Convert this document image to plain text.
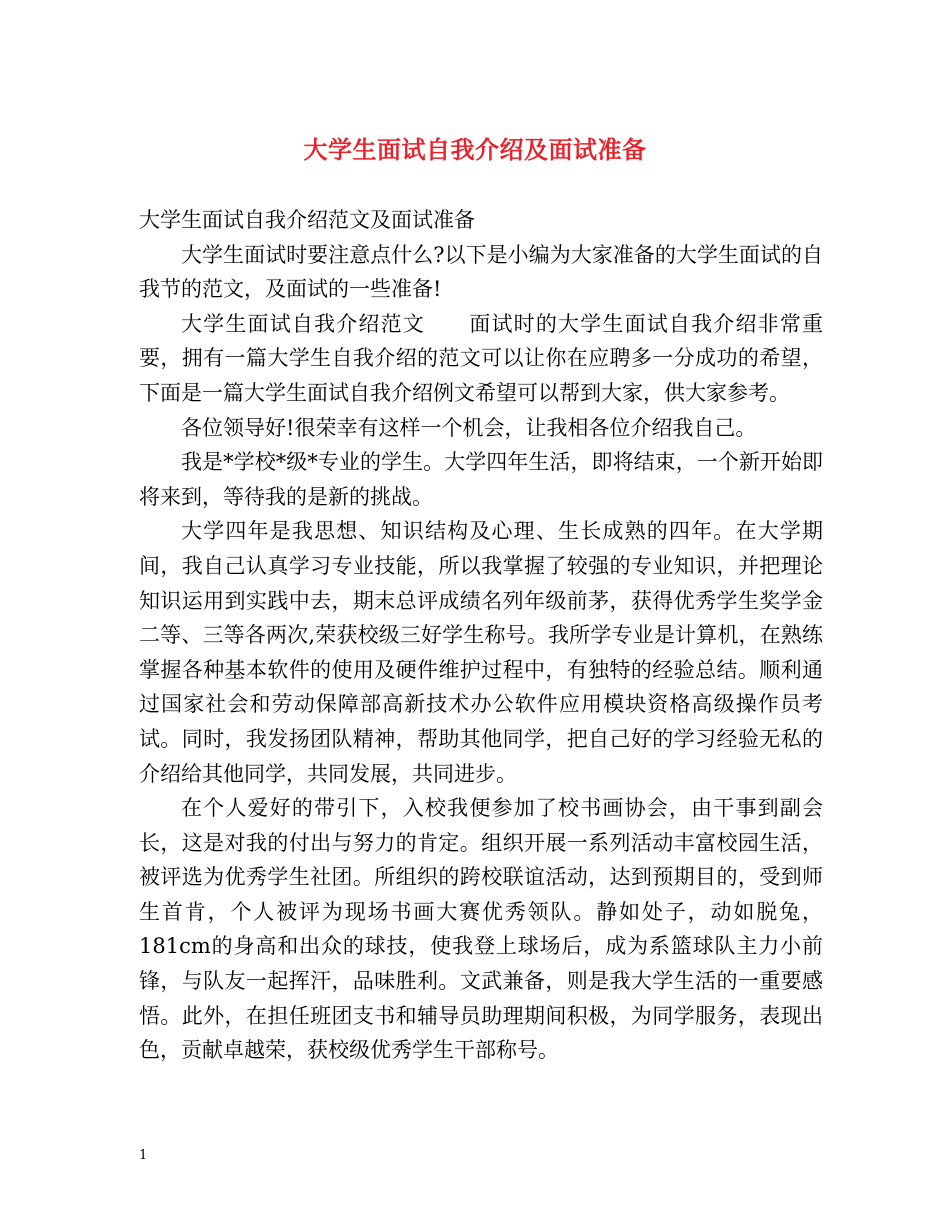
大学生面试自我介绍及面试准备

大学生面试自我介绍范文及面试准备

大学生面试时要注意点什么?以下是小编为大家准备的大学生面试的自我节的范文，及面试的一些准备!

大学生面试自我介绍范文　　面试时的大学生面试自我介绍非常重要，拥有一篇大学生自我介绍的范文可以让你在应聘多一分成功的希望，下面是一篇大学生面试自我介绍例文希望可以帮到大家，供大家参考。

各位领导好!很荣幸有这样一个机会，让我相各位介绍我自己。

我是*学校*级*专业的学生。大学四年生活，即将结束，一个新开始即将来到，等待我的是新的挑战。

大学四年是我思想、知识结构及心理、生长成熟的四年。在大学期间，我自己认真学习专业技能，所以我掌握了较强的专业知识，并把理论知识运用到实践中去，期末总评成绩名列年级前茅，获得优秀学生奖学金二等、三等各两次,荣获校级三好学生称号。我所学专业是计算机，在熟练掌握各种基本软件的使用及硬件维护过程中，有独特的经验总结。顺利通过国家社会和劳动保障部高新技术办公软件应用模块资格高级操作员考试。同时，我发扬团队精神，帮助其他同学，把自己好的学习经验无私的介绍给其他同学，共同发展，共同进步。

在个人爱好的带引下，入校我便参加了校书画协会，由干事到副会长，这是对我的付出与努力的肯定。组织开展一系列活动丰富校园生活，被评选为优秀学生社团。所组织的跨校联谊活动，达到预期目的，受到师生首肯，个人被评为现场书画大赛优秀领队。静如处子，动如脱兔，181cm的身高和出众的球技，使我登上球场后，成为系篮球队主力小前锋，与队友一起挥汗，品味胜利。文武兼备，则是我大学生活的一重要感悟。此外，在担任班团支书和辅导员助理期间积极，为同学服务，表现出色，贡献卓越荣，获校级优秀学生干部称号。

1
